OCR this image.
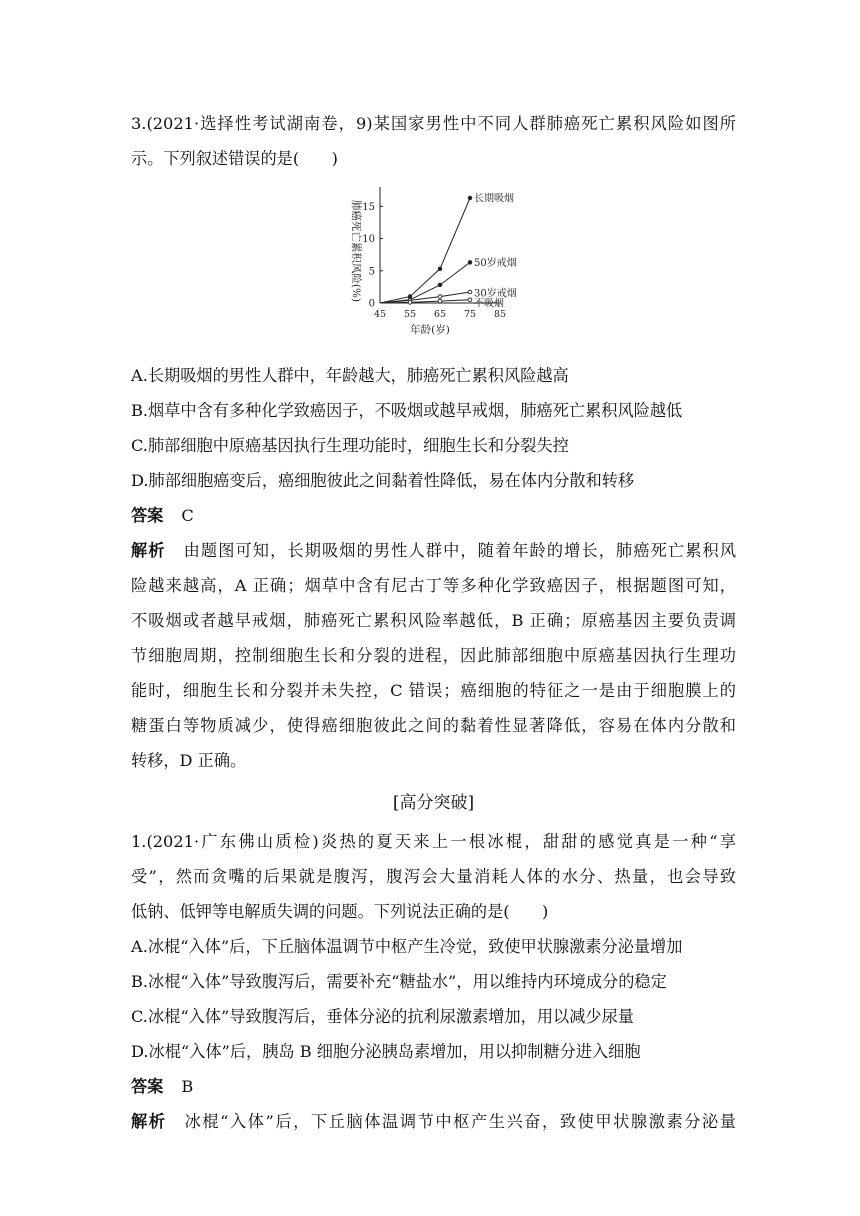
3.(2021·选择性考试湖南卷，9)某国家男性中不同人群肺癌死亡累积风险如图所
示。下列叙述错误的是(　　)
0
5
10
15
45 55 65 75 85
年龄(岁)
肺癌死亡累积风险(%)
长期吸烟
50岁戒烟
30岁戒烟
不吸烟
A.长期吸烟的男性人群中，年龄越大，肺癌死亡累积风险越高
B.烟草中含有多种化学致癌因子，不吸烟或越早戒烟，肺癌死亡累积风险越低
C.肺部细胞中原癌基因执行生理功能时，细胞生长和分裂失控
D.肺部细胞癌变后，癌细胞彼此之间黏着性降低，易在体内分散和转移
答案 C
解析 由题图可知，长期吸烟的男性人群中，随着年龄的增长，肺癌死亡累积风
险越来越高，A 正确；烟草中含有尼古丁等多种化学致癌因子，根据题图可知，
不吸烟或者越早戒烟，肺癌死亡累积风险率越低，B 正确；原癌基因主要负责调
节细胞周期，控制细胞生长和分裂的进程，因此肺部细胞中原癌基因执行生理功
能时，细胞生长和分裂并未失控，C 错误；癌细胞的特征之一是由于细胞膜上的
糖蛋白等物质减少，使得癌细胞彼此之间的黏着性显著降低，容易在体内分散和
转移，D 正确。
[高分突破]
1.(2021·广东佛山质检)炎热的夏天来上一根冰棍，甜甜的感觉真是一种“享
受”，然而贪嘴的后果就是腹泻，腹泻会大量消耗人体的水分、热量，也会导致
低钠、低钾等电解质失调的问题。下列说法正确的是(　　)
A.冰棍“入体”后，下丘脑体温调节中枢产生冷觉，致使甲状腺激素分泌量增加
B.冰棍“入体”导致腹泻后，需要补充“糖盐水”，用以维持内环境成分的稳定
C.冰棍“入体”导致腹泻后，垂体分泌的抗利尿激素增加，用以减少尿量
D.冰棍“入体”后，胰岛 B 细胞分泌胰岛素增加，用以抑制糖分进入细胞
答案 B
解析 冰棍“入体”后，下丘脑体温调节中枢产生兴奋，致使甲状腺激素分泌量
